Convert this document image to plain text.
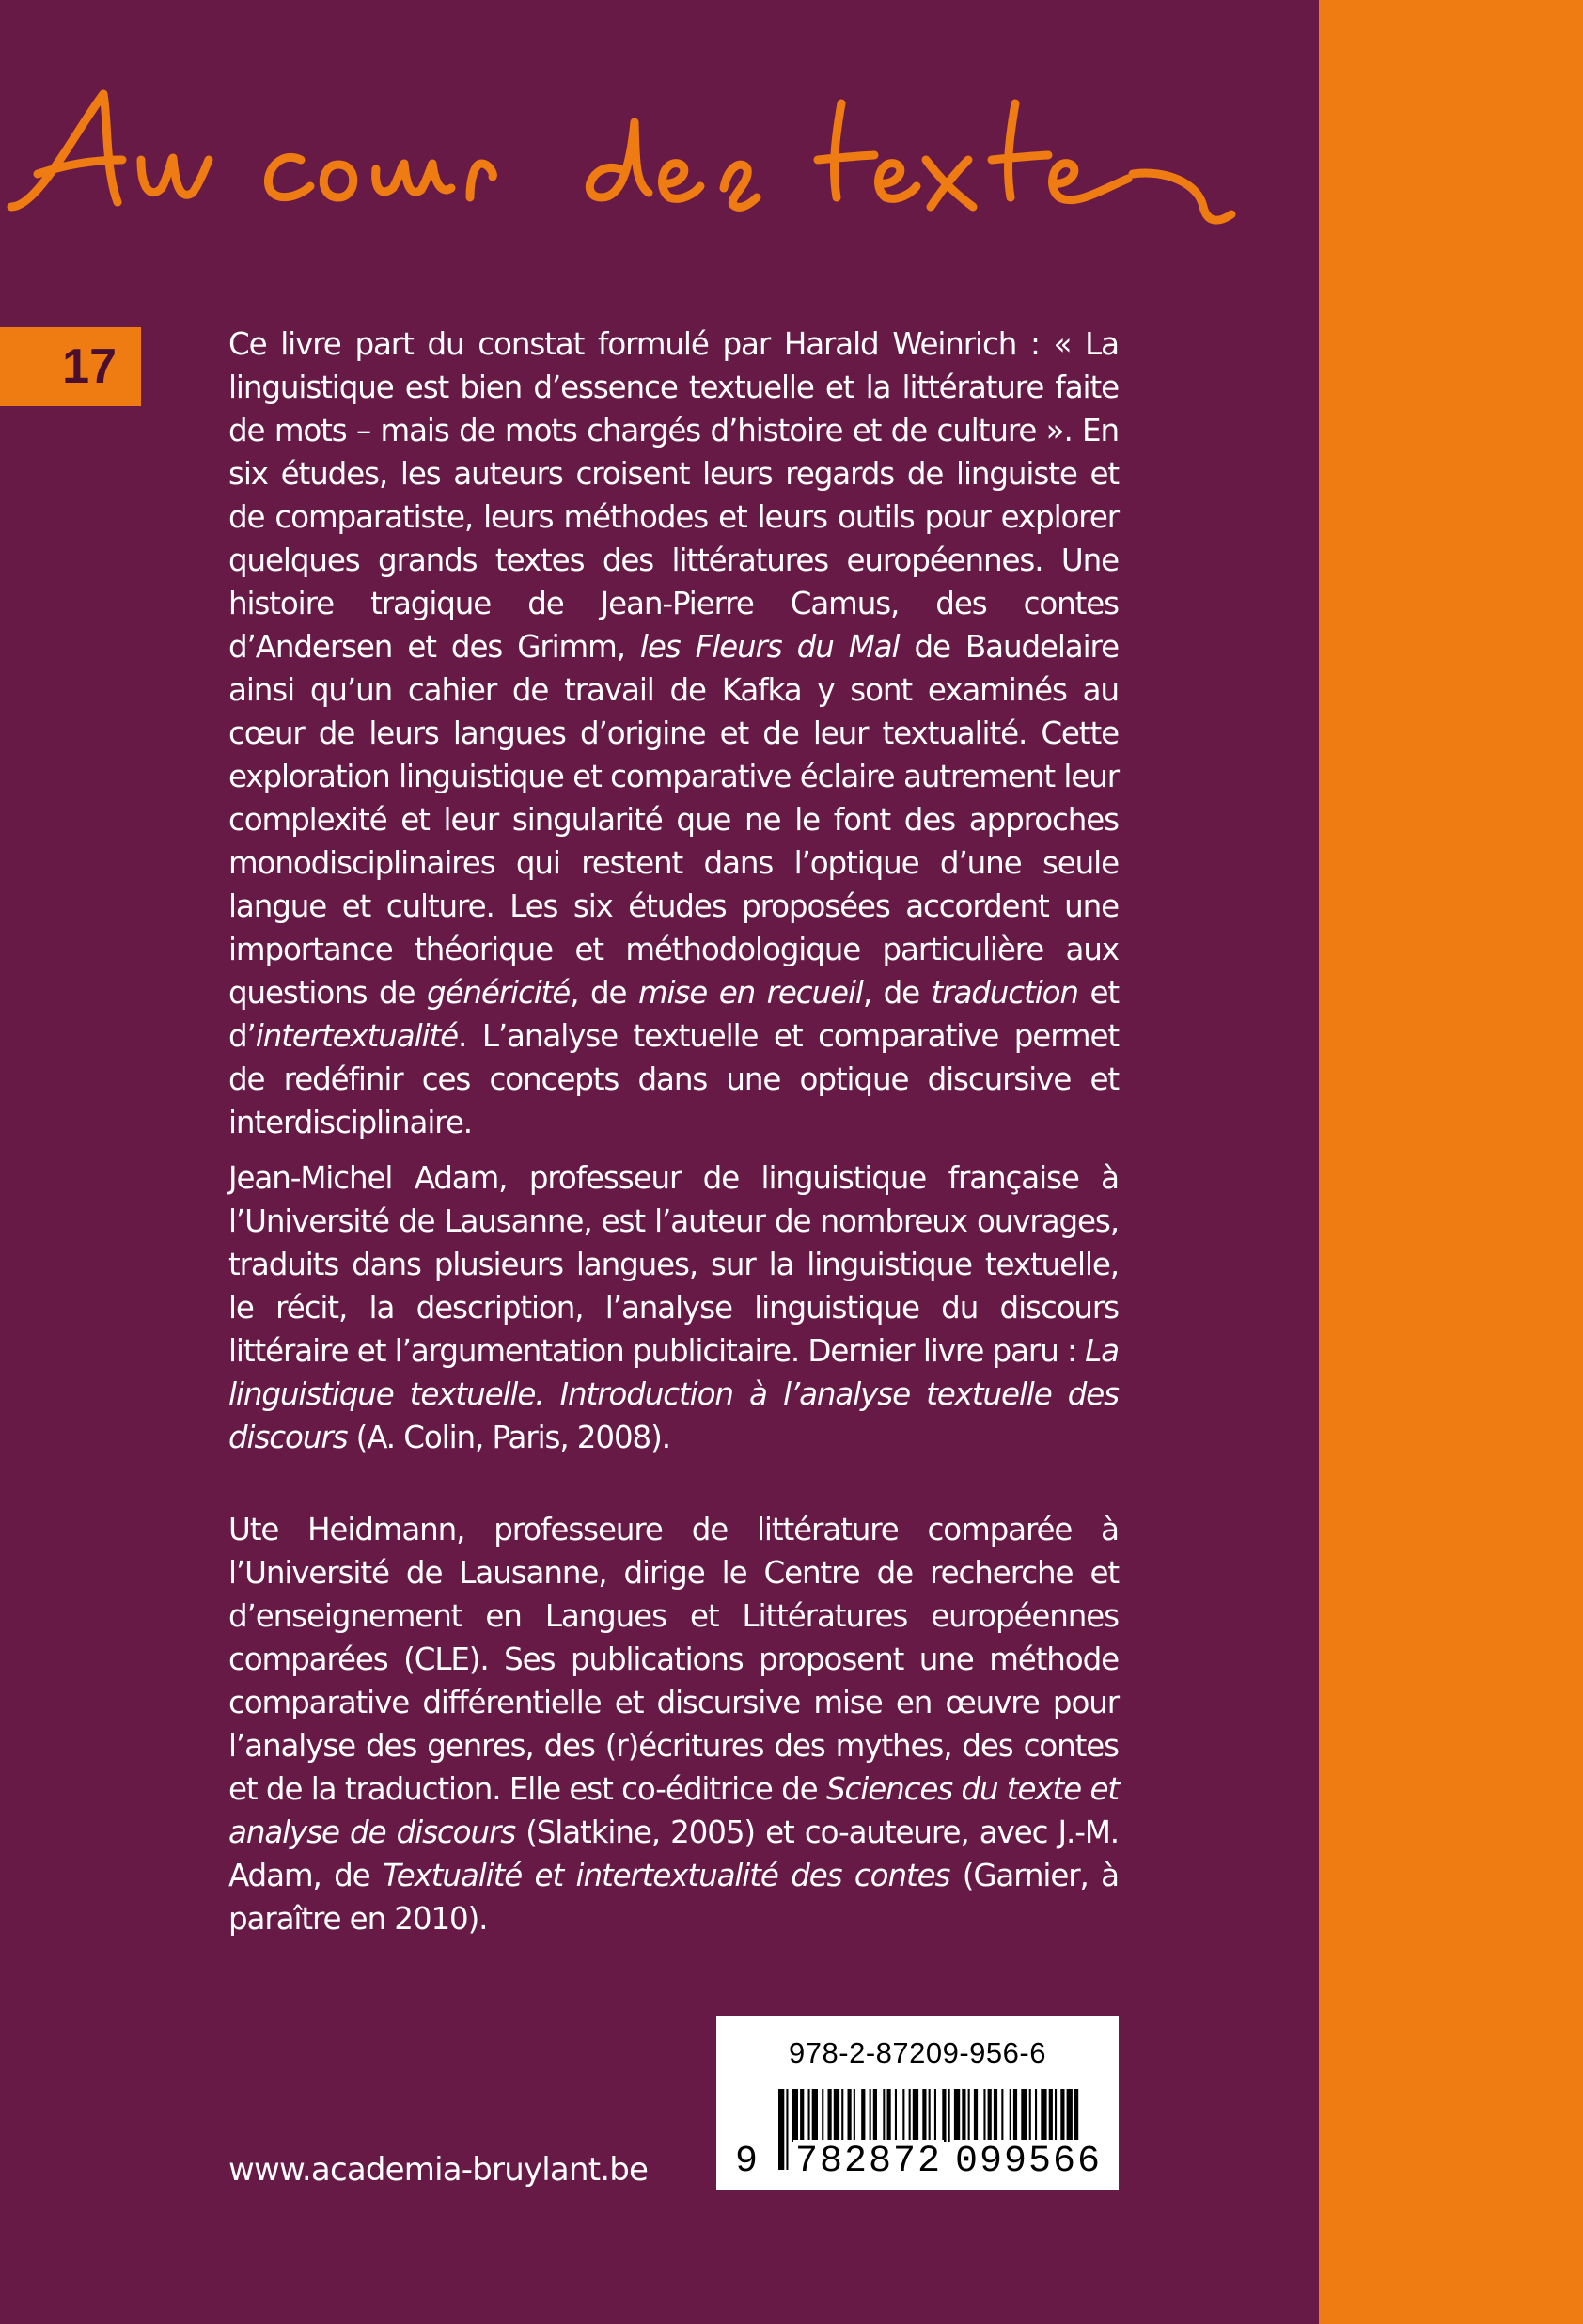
17	Ce livre part du constat formulé par Harald Weinrich : « La linguistique est bien d’essence textuelle et la littérature faite de mots – mais de mots chargés d’histoire et de culture ». En six études, les auteurs croisent leurs regards de linguiste et de comparatiste, leurs méthodes et leurs outils pour explorer quelques grands textes des littératures européennes. Une histoire tragique de Jean-Pierre Camus, des contes d’Andersen et des Grimm, les Fleurs du Mal de Baudelaire ainsi qu’un cahier de travail de Kafka y sont examinés au cœur de leurs langues d’origine et de leur textualité. Cette exploration linguistique et comparative éclaire autrement leur complexité et leur singularité que ne le font des approches monodisciplinaires qui restent dans l’optique d’une seule langue et culture. Les six études proposées accordent une importance théorique et méthodologique particulière aux questions de généricité, de mise en recueil, de traduction et d’intertextualité. L’analyse textuelle et comparative permet de redéfinir ces concepts dans une optique discursive et interdisciplinaire.

Jean-Michel Adam, professeur de linguistique française à l’Université de Lausanne, est l’auteur de nombreux ouvrages, traduits dans plusieurs langues, sur la linguistique textuelle, le récit, la description, l’analyse linguistique du discours littéraire et l’argumentation publicitaire. Dernier livre paru : La linguistique textuelle. Introduction à l’analyse textuelle des discours (A. Colin, Paris, 2008).

Ute Heidmann, professeure de littérature comparée à l’Université de Lausanne, dirige le Centre de recherche et d’enseignement en Langues et Littératures européennes comparées (CLE). Ses publications proposent une méthode comparative différentielle et discursive mise en œuvre pour l’analyse des genres, des (r)écritures des mythes, des contes et de la traduction. Elle est co-éditrice de Sciences du texte et analyse de discours (Slatkine, 2005) et co-auteure, avec J.-M. Adam, de Textualité et intertextualité des contes (Garnier, à paraître en 2010).

978-2-87209-956-6
9 782872 099566
www.academia-bruylant.be
